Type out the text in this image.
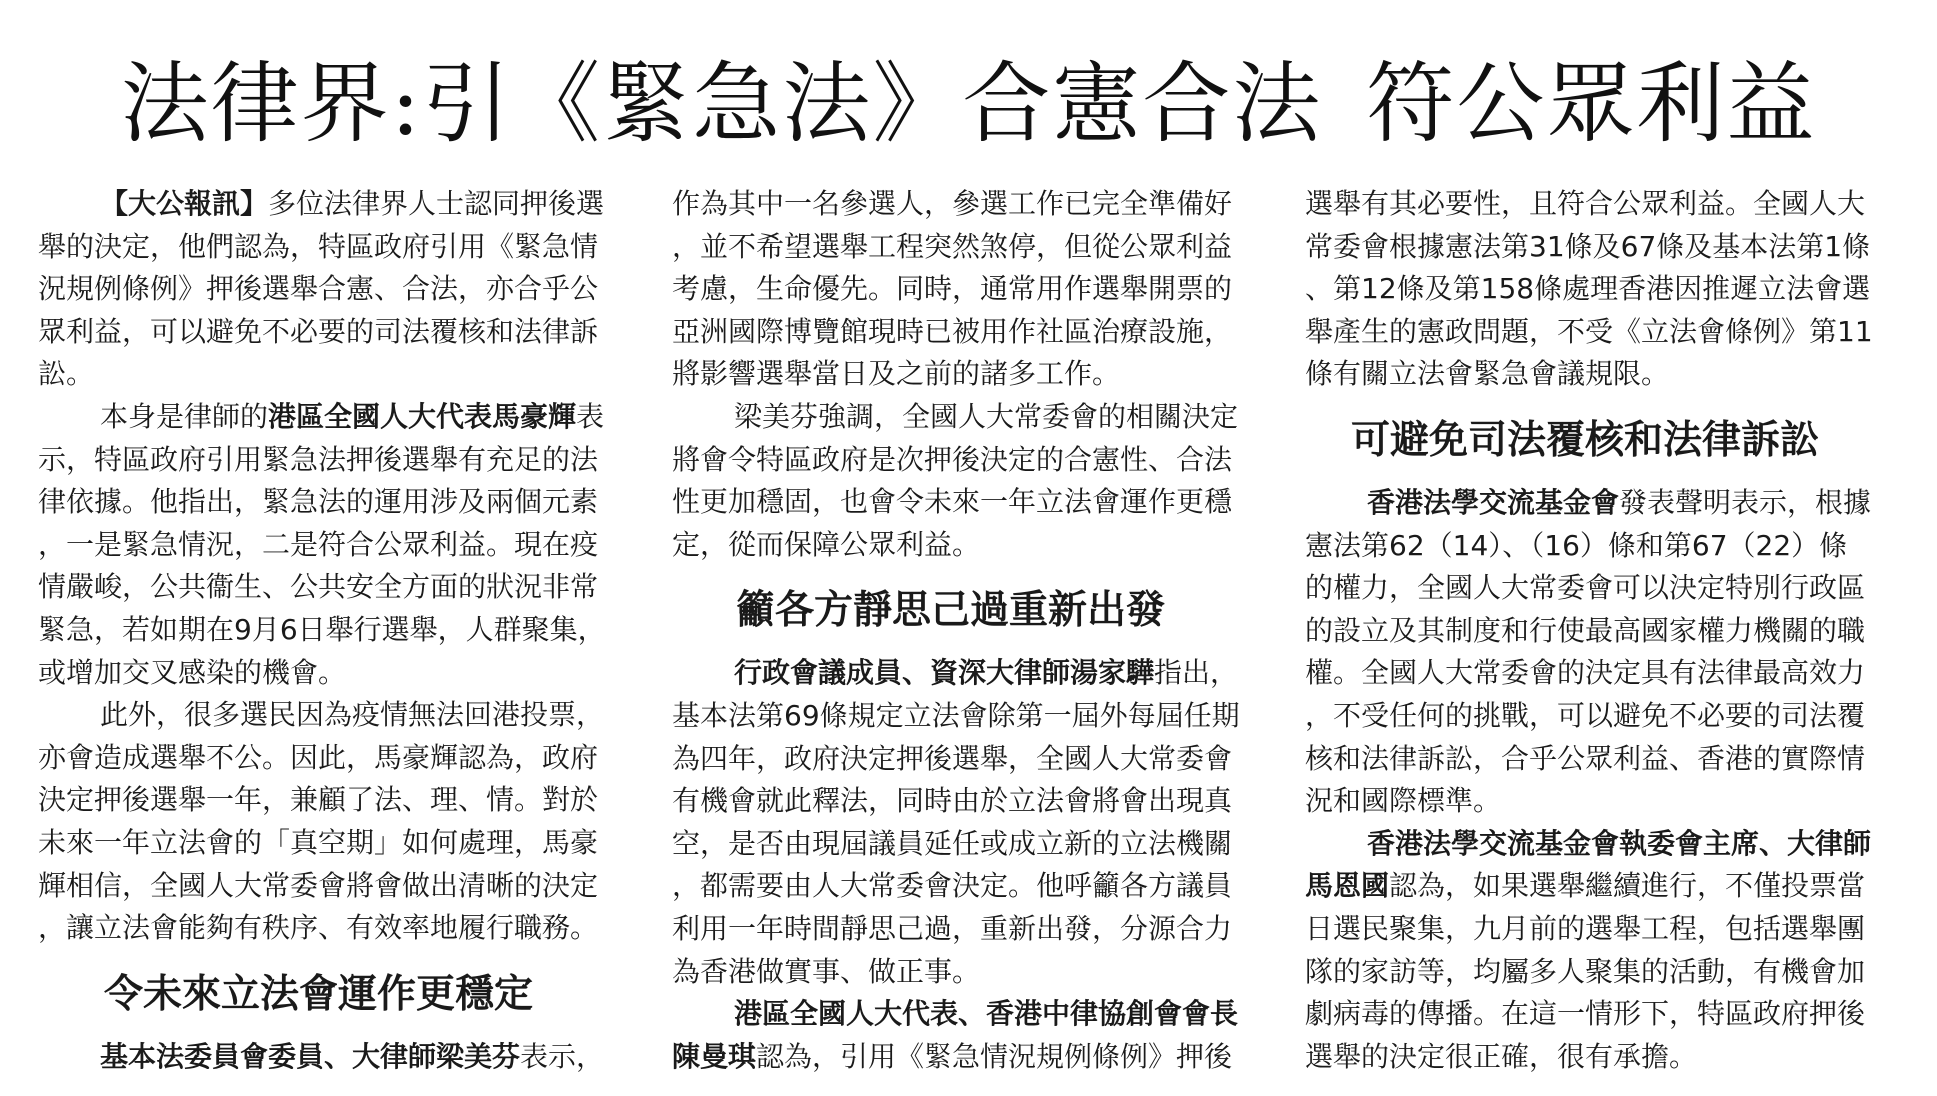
法律界:引《緊急法》合憲合法 符公眾利益
【大公報訊】多位法律界人士認同押後選
舉的決定，他們認為，特區政府引用《緊急情
況規例條例》押後選舉合憲、合法，亦合乎公
眾利益，可以避免不必要的司法覆核和法律訴
訟。
本身是律師的港區全國人大代表馬豪輝表
示，特區政府引用緊急法押後選舉有充足的法
律依據。他指出，緊急法的運用涉及兩個元素
，一是緊急情況，二是符合公眾利益。現在疫
情嚴峻，公共衞生、公共安全方面的狀況非常
緊急，若如期在9月6日舉行選舉，人群聚集，
或增加交叉感染的機會。
此外，很多選民因為疫情無法回港投票，
亦會造成選舉不公。因此，馬豪輝認為，政府
決定押後選舉一年，兼顧了法、理、情。對於
未來一年立法會的「真空期」如何處理，馬豪
輝相信，全國人大常委會將會做出清晰的決定
，讓立法會能夠有秩序、有效率地履行職務。
令未來立法會運作更穩定
基本法委員會委員、大律師梁美芬表示，
作為其中一名參選人，參選工作已完全準備好
，並不希望選舉工程突然煞停，但從公眾利益
考慮，生命優先。同時，通常用作選舉開票的
亞洲國際博覽館現時已被用作社區治療設施，
將影響選舉當日及之前的諸多工作。
梁美芬強調，全國人大常委會的相關決定
將會令特區政府是次押後決定的合憲性、合法
性更加穩固，也會令未來一年立法會運作更穩
定，從而保障公眾利益。
籲各方靜思己過重新出發
行政會議成員、資深大律師湯家驊指出，
基本法第69條規定立法會除第一屆外每屆任期
為四年，政府決定押後選舉，全國人大常委會
有機會就此釋法，同時由於立法會將會出現真
空，是否由現屆議員延任或成立新的立法機關
，都需要由人大常委會決定。他呼籲各方議員
利用一年時間靜思己過，重新出發，分源合力
為香港做實事、做正事。
港區全國人大代表、香港中律協創會會長
陳曼琪認為，引用《緊急情況規例條例》押後
選舉有其必要性，且符合公眾利益。全國人大
常委會根據憲法第31條及67條及基本法第1條
、第12條及第158條處理香港因推遲立法會選
舉產生的憲政問題，不受《立法會條例》第11
條有關立法會緊急會議規限。
可避免司法覆核和法律訴訟
香港法學交流基金會發表聲明表示，根據
憲法第62（14）、（16）條和第67（22）條
的權力，全國人大常委會可以決定特別行政區
的設立及其制度和行使最高國家權力機關的職
權。全國人大常委會的決定具有法律最高效力
，不受任何的挑戰，可以避免不必要的司法覆
核和法律訴訟，合乎公眾利益、香港的實際情
況和國際標準。
香港法學交流基金會執委會主席、大律師
馬恩國認為，如果選舉繼續進行，不僅投票當
日選民聚集，九月前的選舉工程，包括選舉團
隊的家訪等，均屬多人聚集的活動，有機會加
劇病毒的傳播。在這一情形下，特區政府押後
選舉的決定很正確，很有承擔。
